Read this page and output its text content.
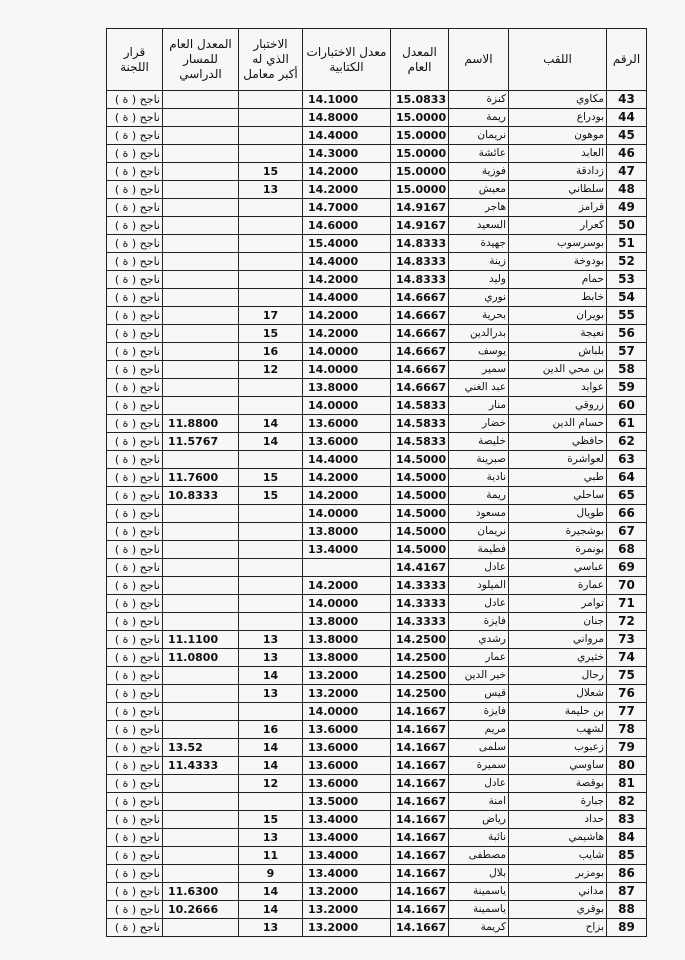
الرقم	اللقب	الاسم	المعدل العام	معدل الاختبارات الكتابية	الاختبار الذي له أكبر معامل	المعدل العام للمسار الدراسي	قرار اللجنة
43	مكاوي	كنزة	15.0833	14.1000			ناجح ( ة )
44	بودراع	ريمة	15.0000	14.8000			ناجح ( ة )
45	موهون	نريمان	15.0000	14.4000			ناجح ( ة )
46	العابد	عائشة	15.0000	14.3000			ناجح ( ة )
47	زدادقة	فوزية	15.0000	14.2000	15		ناجح ( ة )
48	سلطاني	معيش	15.0000	14.2000	13		ناجح ( ة )
49	قرامز	هاجر	14.9167	14.7000			ناجح ( ة )
50	كعرار	السعيد	14.9167	14.6000			ناجح ( ة )
51	بوسرسوب	جهيدة	14.8333	15.4000			ناجح ( ة )
52	بودوخة	زينة	14.8333	14.4000			ناجح ( ة )
53	حمام	وليد	14.8333	14.2000			ناجح ( ة )
54	خابط	نوري	14.6667	14.4000			ناجح ( ة )
55	بويران	بحرية	14.6667	14.2000	17		ناجح ( ة )
56	نعيجة	بدرالدين	14.6667	14.2000	15		ناجح ( ة )
57	بلباش	يوسف	14.6667	14.0000	16		ناجح ( ة )
58	بن محي الدين	سمير	14.6667	14.0000	12		ناجح ( ة )
59	عوابد	عبد الغني	14.6667	13.8000			ناجح ( ة )
60	زروقي	منار	14.5833	14.0000			ناجح ( ة )
61	حسام الدين	خضار	14.5833	13.6000	14	11.8800	ناجح ( ة )
62	حافظي	خليصة	14.5833	13.6000	14	11.5767	ناجح ( ة )
63	لعواشرة	صبرينة	14.5000	14.4000			ناجح ( ة )
64	طبي	نادية	14.5000	14.2000	15	11.7600	ناجح ( ة )
65	ساحلي	ريمة	14.5000	14.2000	15	10.8333	ناجح ( ة )
66	طويال	مسعود	14.5000	14.0000			ناجح ( ة )
67	بوشجيرة	نريمان	14.5000	13.8000			ناجح ( ة )
68	بونمرة	فطيمة	14.5000	13.4000			ناجح ( ة )
69	عباسي	عادل	14.4167				ناجح ( ة )
70	عمارة	الميلود	14.3333	14.2000			ناجح ( ة )
71	توامر	عادل	14.3333	14.0000			ناجح ( ة )
72	جنان	فايزة	14.3333	13.8000			ناجح ( ة )
73	مرواني	رشدي	14.2500	13.8000	13	11.1100	ناجح ( ة )
74	خثيري	عمار	14.2500	13.8000	13	11.0800	ناجح ( ة )
75	رحال	خير الدين	14.2500	13.2000	14		ناجح ( ة )
76	شعلال	قيس	14.2500	13.2000	13		ناجح ( ة )
77	بن حليمة	فايزة	14.1667	14.0000			ناجح ( ة )
78	لشهب	مريم	14.1667	13.6000	16		ناجح ( ة )
79	زعبوب	سلمى	14.1667	13.6000	14	13.52	ناجح ( ة )
80	ساوسي	سميرة	14.1667	13.6000	14	11.4333	ناجح ( ة )
81	بوقصة	عادل	14.1667	13.6000	12		ناجح ( ة )
82	جبارة	امنة	14.1667	13.5000			ناجح ( ة )
83	حداد	رياض	14.1667	13.4000	15		ناجح ( ة )
84	هاشيمي	نائبة	14.1667	13.4000	13		ناجح ( ة )
85	شايب	مصطفى	14.1667	13.4000	11		ناجح ( ة )
86	بومزبر	بلال	14.1667	13.4000	9		ناجح ( ة )
87	مداني	ياسمينة	14.1667	13.2000	14	11.6300	ناجح ( ة )
88	بوقري	ياسمينة	14.1667	13.2000	14	10.2666	ناجح ( ة )
89	بزاح	كريمة	14.1667	13.2000	13		ناجح ( ة )
